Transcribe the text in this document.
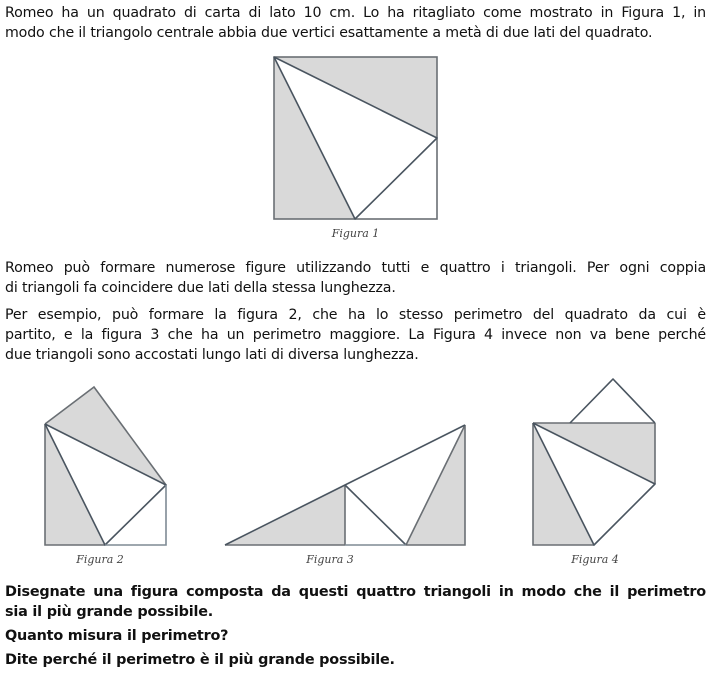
Romeo ha un quadrato di carta di lato 10 cm. Lo ha ritagliato come mostrato in Figura 1, in
modo che il triangolo centrale abbia due vertici esattamente a metà di due lati del quadrato.
Figura 1
Romeo può formare numerose figure utilizzando tutti e quattro i triangoli. Per ogni coppia
di triangoli fa coincidere due lati della stessa lunghezza.
Per esempio, può formare la figura 2, che ha lo stesso perimetro del quadrato da cui è
partito, e la figura 3 che ha un perimetro maggiore. La Figura 4 invece non va bene perché
due triangoli sono accostati lungo lati di diversa lunghezza.
Figura 2	Figura 3	Figura 4
Disegnate una figura composta da questi quattro triangoli in modo che il perimetro
sia il più grande possibile.
Quanto misura il perimetro?
Dite perché il perimetro è il più grande possibile.
